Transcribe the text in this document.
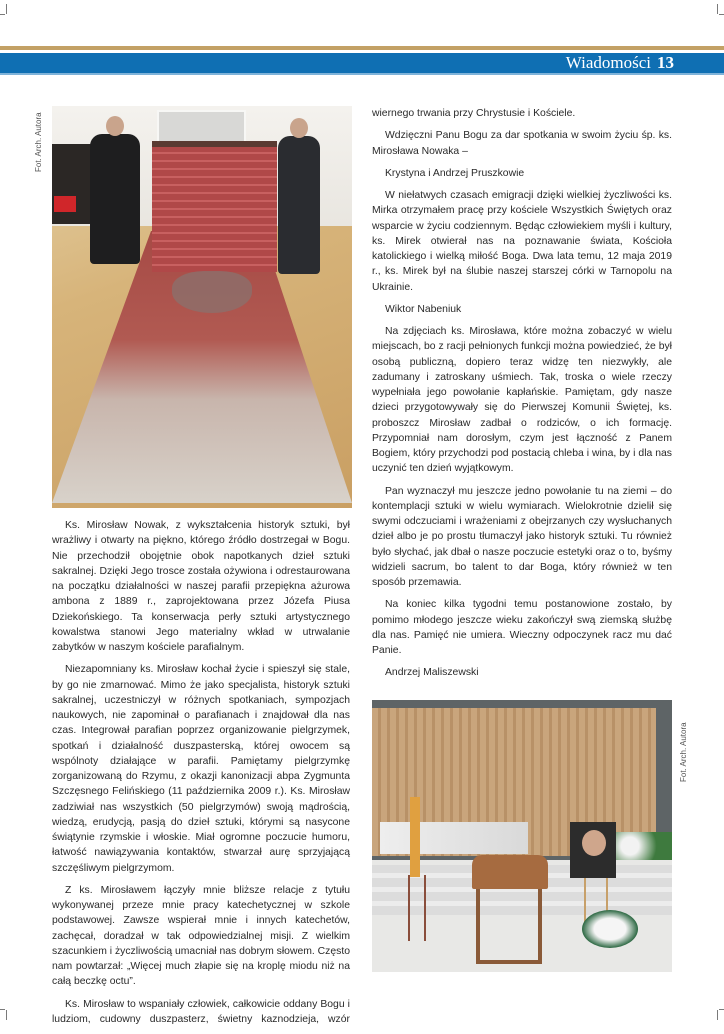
Wiadomości 13
Fot. Arch. Autora

Ks. Mirosław Nowak, z wykształcenia historyk sztuki, był wrażliwy i otwarty na piękno, którego źródło dostrzegał w Bogu. Nie przechodził obojętnie obok napotkanych dzieł sztuki sakralnej. Dzięki Jego trosce została ożywiona i odrestaurowana na początku działalności w naszej parafii przepiękna ażurowa ambona z 1889 r., zaprojektowana przez Józefa Piusa Dziekońskiego. Ta konserwacja perły sztuki artystycznego kowalstwa stanowi Jego materialny wkład w utrwalanie zabytków w naszym kościele parafialnym.

Niezapomniany ks. Mirosław kochał życie i spieszył się stale, by go nie zmarnować. Mimo że jako specjalista, historyk sztuki sakralnej, uczestniczył w różnych spotkaniach, sympozjach naukowych, nie zapominał o parafianach i znajdował dla nas czas. Integrował parafian poprzez organizowanie pielgrzymek, spotkań i działalność duszpasterską, której owocem są wspólnoty działające w parafii. Pamiętamy pielgrzymkę zorganizowaną do Rzymu, z okazji kanonizacji abpa Zygmunta Szczęsnego Felińskiego (11 października 2009 r.). Ks. Mirosław zadziwiał nas wszystkich (50 pielgrzymów) swoją mądrością, wiedzą, erudycją, pasją do dzieł sztuki, którymi są nasycone świątynie rzymskie i włoskie. Miał ogromne poczucie humoru, łatwość nawiązywania kontaktów, stwarzał aurę sprzyjającą szczęśliwym pielgrzymom.

Z ks. Mirosławem łączyły mnie bliższe relacje z tytułu wykonywanej przeze mnie pracy katechetycznej w szkole podstawowej. Zawsze wspierał mnie i innych katechetów, zachęcał, doradzał w tak odpowiedzialnej misji. Z wielkim szacunkiem i życzliwością umacniał nas dobrym słowem. Często nam powtarzał: „Więcej much złapie się na kroplę miodu niż na całą beczkę octu”.

Ks. Mirosław to wspaniały człowiek, całkowicie oddany Bogu i ludziom, cudowny duszpasterz, świetny kaznodzieja, wzór

wiernego trwania przy Chrystusie i Kościele.

Wdzięczni Panu Bogu za dar spotkania w swoim życiu śp. ks. Mirosława Nowaka –

Krystyna i Andrzej Pruszkowie

W niełatwych czasach emigracji dzięki wielkiej życzliwości ks. Mirka otrzymałem pracę przy kościele Wszystkich Świętych oraz wsparcie w życiu codziennym. Będąc człowiekiem myśli i kultury, ks. Mirek otwierał nas na poznawanie świata, Kościoła katolickiego i wielką miłość Boga. Dwa lata temu, 12 maja 2019 r., ks. Mirek był na ślubie naszej starszej córki w Tarnopolu na Ukrainie.

Wiktor Nabeniuk

Na zdjęciach ks. Mirosława, które można zobaczyć w wielu miejscach, bo z racji pełnionych funkcji można powiedzieć, że był osobą publiczną, dopiero teraz widzę ten niezwykły, ale zadumany i zatroskany uśmiech. Tak, troska o wiele rzeczy wypełniała jego powołanie kapłańskie. Pamiętam, gdy nasze dzieci przygotowywały się do Pierwszej Komunii Świętej, ks. proboszcz Mirosław zadbał o rodziców, o ich formację. Przypomniał nam dorosłym, czym jest łączność z Panem Bogiem, który przychodzi pod postacią chleba i wina, by i dla nas uczynić ten dzień wyjątkowym.

Pan wyznaczył mu jeszcze jedno powołanie tu na ziemi – do kontemplacji sztuki w wielu wymiarach. Wielokrotnie dzielił się swymi odczuciami i wrażeniami z obejrzanych czy wysłuchanych dzieł albo je po prostu tłumaczył jako historyk sztuki. Tu również było słychać, jak dbał o nasze poczucie estetyki oraz o to, byśmy widzieli sacrum, bo talent to dar Boga, który również w ten sposób przemawia.

Na koniec kilka tygodni temu postanowione zostało, by pomimo młodego jeszcze wieku zakończył swą ziemską służbę dla nas. Pamięć nie umiera. Wieczny odpoczynek racz mu dać Panie.

Andrzej Maliszewski

Fot. Arch. Autora
